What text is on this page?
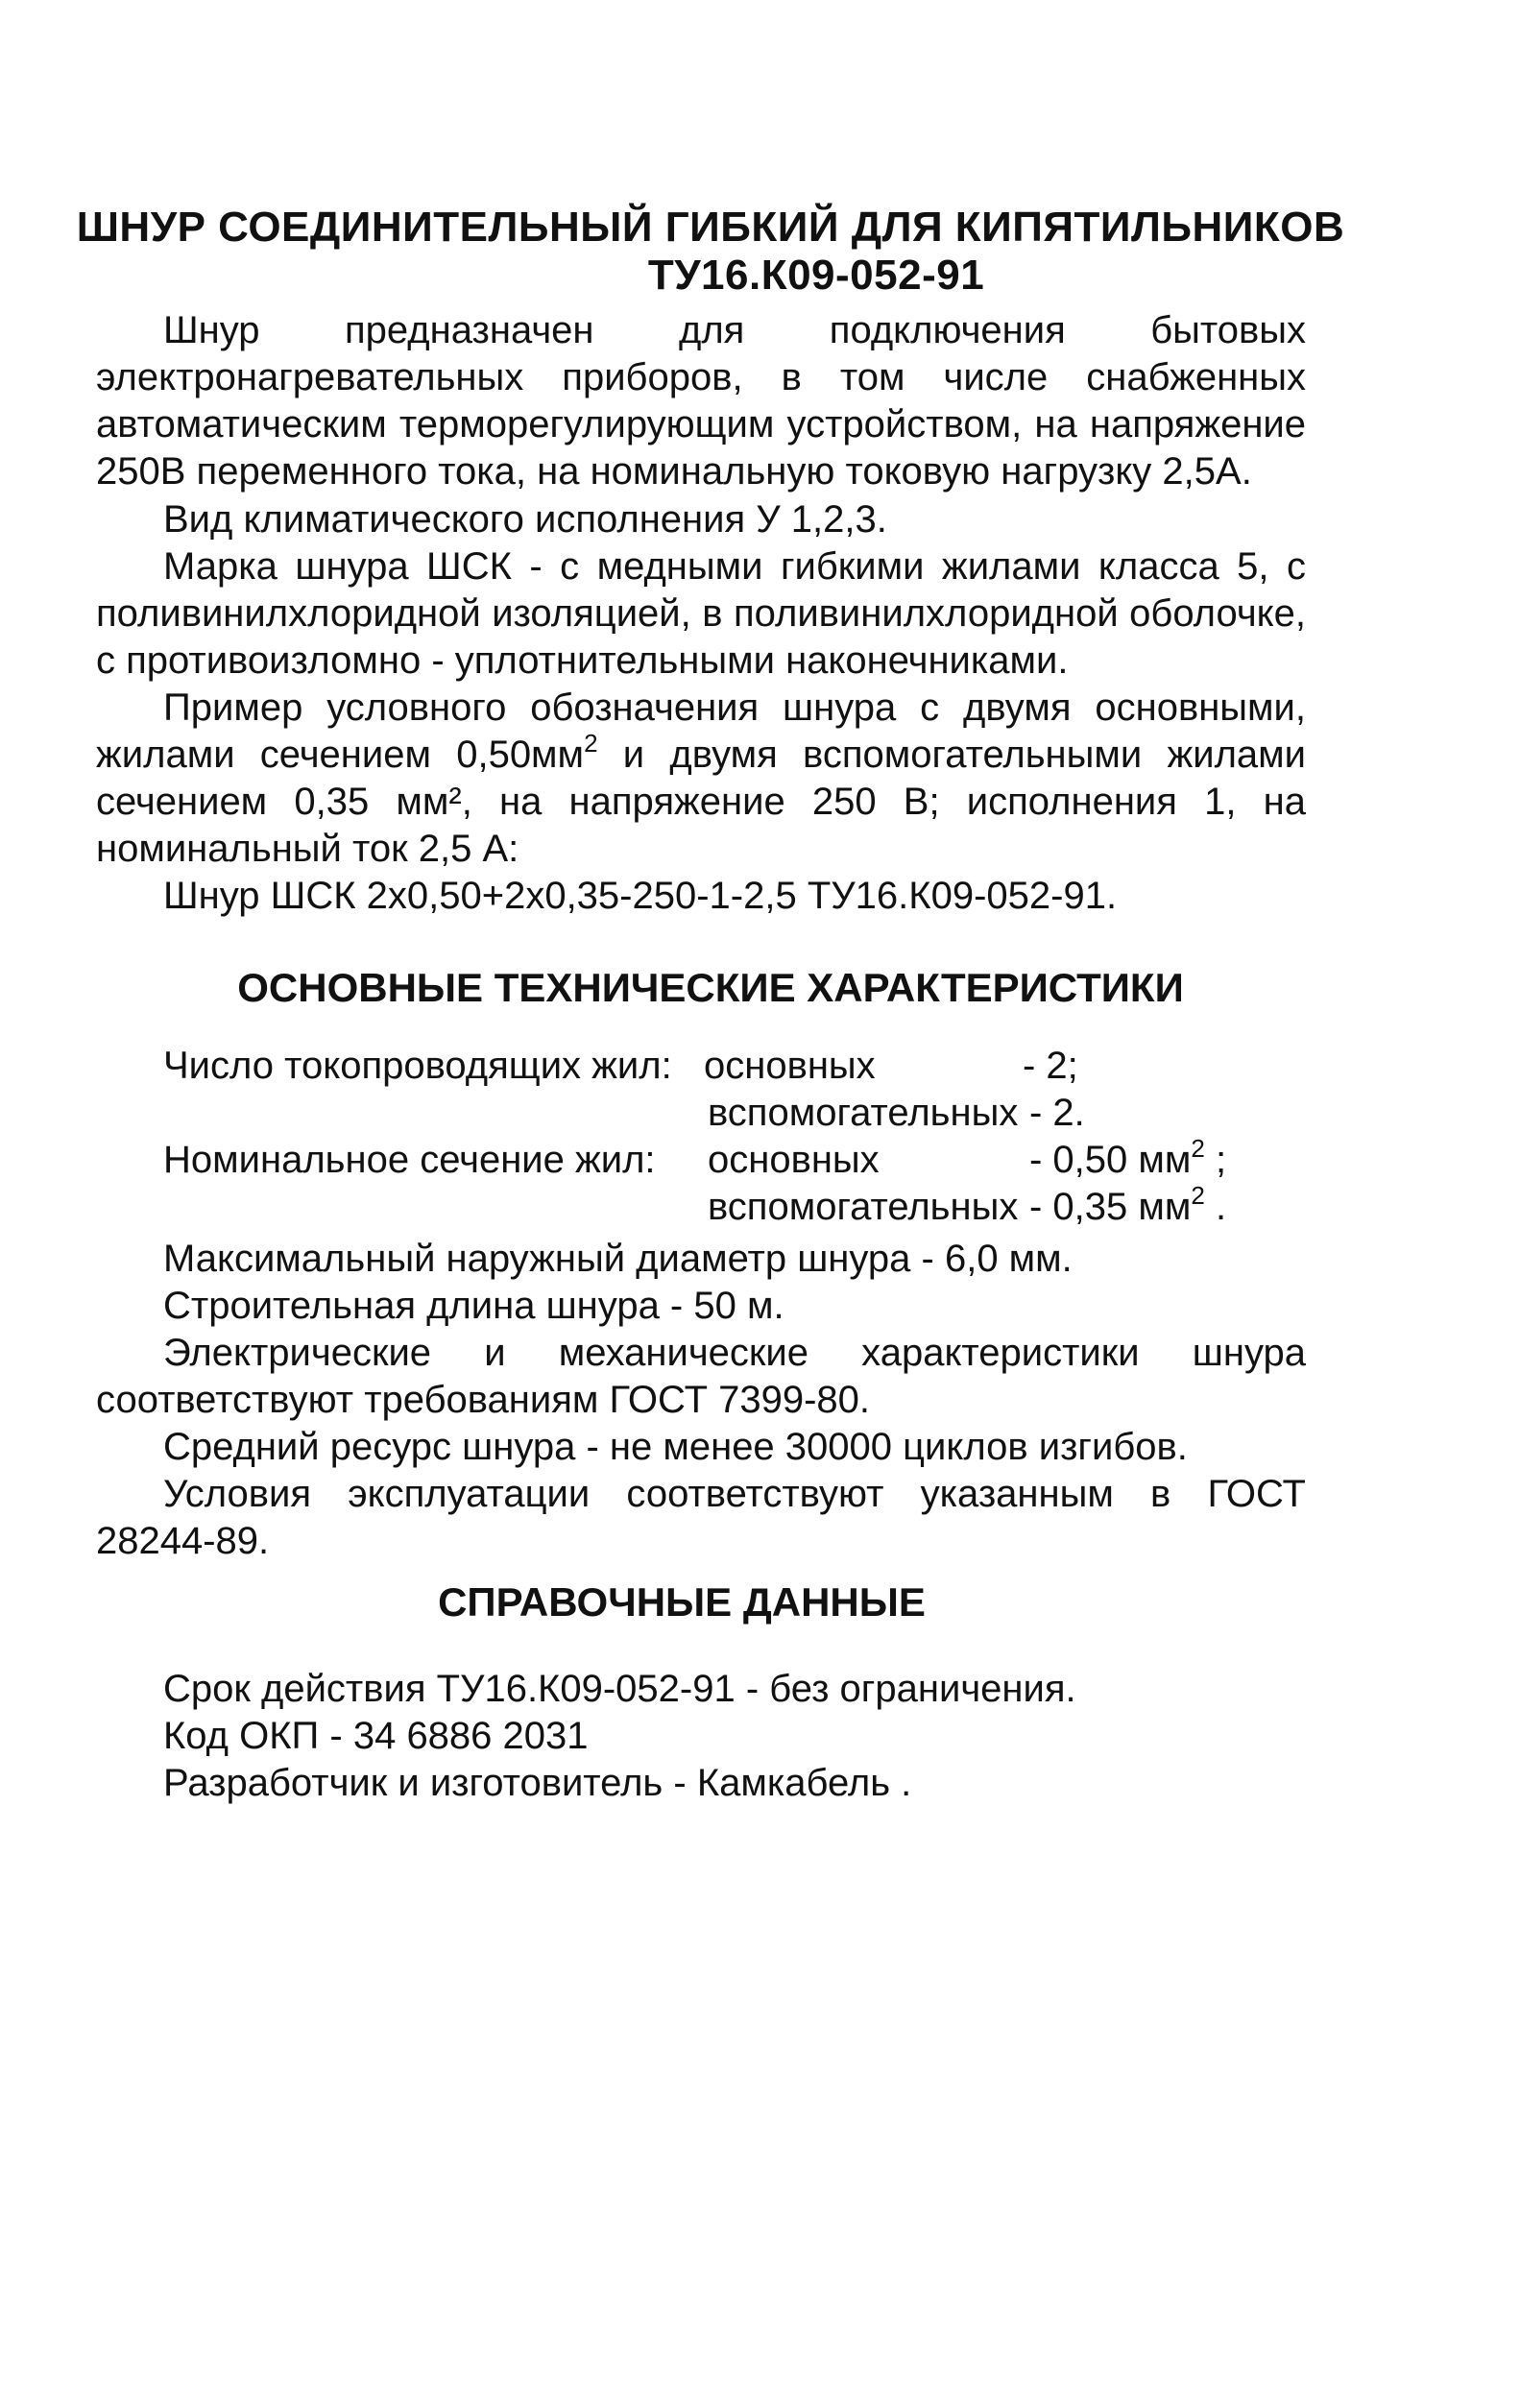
ШНУР СОЕДИНИТЕЛЬНЫЙ ГИБКИЙ ДЛЯ КИПЯТИЛЬНИКОВ
ТУ16.К09-052-91

Шнур предназначен для подключения бытовых электронагревательных приборов, в том числе снабженных автоматическим терморегулирующим устройством, на напряжение 250В переменного тока, на номинальную токовую нагрузку 2,5А.

Вид климатического исполнения У 1,2,3.

Марка шнура ШСК - с медными гибкими жилами класса 5, с поливинилхлоридной изоляцией, в поливинилхлоридной оболочке, с противоизломно - уплотнительными наконечниками.

Пример условного обозначения шнура с двумя основными, жилами сечением $0,50мм^2$ и двумя вспомогательными жилами сечением 0,35 мм², на напряжение 250 В; исполнения 1, на номинальный ток 2,5 А:

Шнур ШСК 2х0,50+2х0,35-250-1-2,5 ТУ16.К09-052-91.
ОСНОВНЫЕ ТЕХНИЧЕСКИЕ ХАРАКТЕРИСТИКИ
Число токопроводящих жил: основных	- 2;
вспомогательных - 2.
Номинальное сечение жил: основных	- 0,50 $мм^2$ ;
вспомогательных - 0,35 $мм^2$ .
Максимальный наружный диаметр шнура - 6,0 мм.
Строительная длина шнура - 50 м.

Электрические и механические характеристики шнура соответствуют требованиям ГОСТ 7399-80.

Средний ресурс шнура - не менее 30000 циклов изгибов.

Условия эксплуатации соответствуют указанным в ГОСТ 28244-89.

СПРАВОЧНЫЕ ДАННЫЕ
Срок действия ТУ16.К09-052-91 - без ограничения.
Код ОКП - 34 6886 2031
Разработчик и изготовитель - Камкабель .
